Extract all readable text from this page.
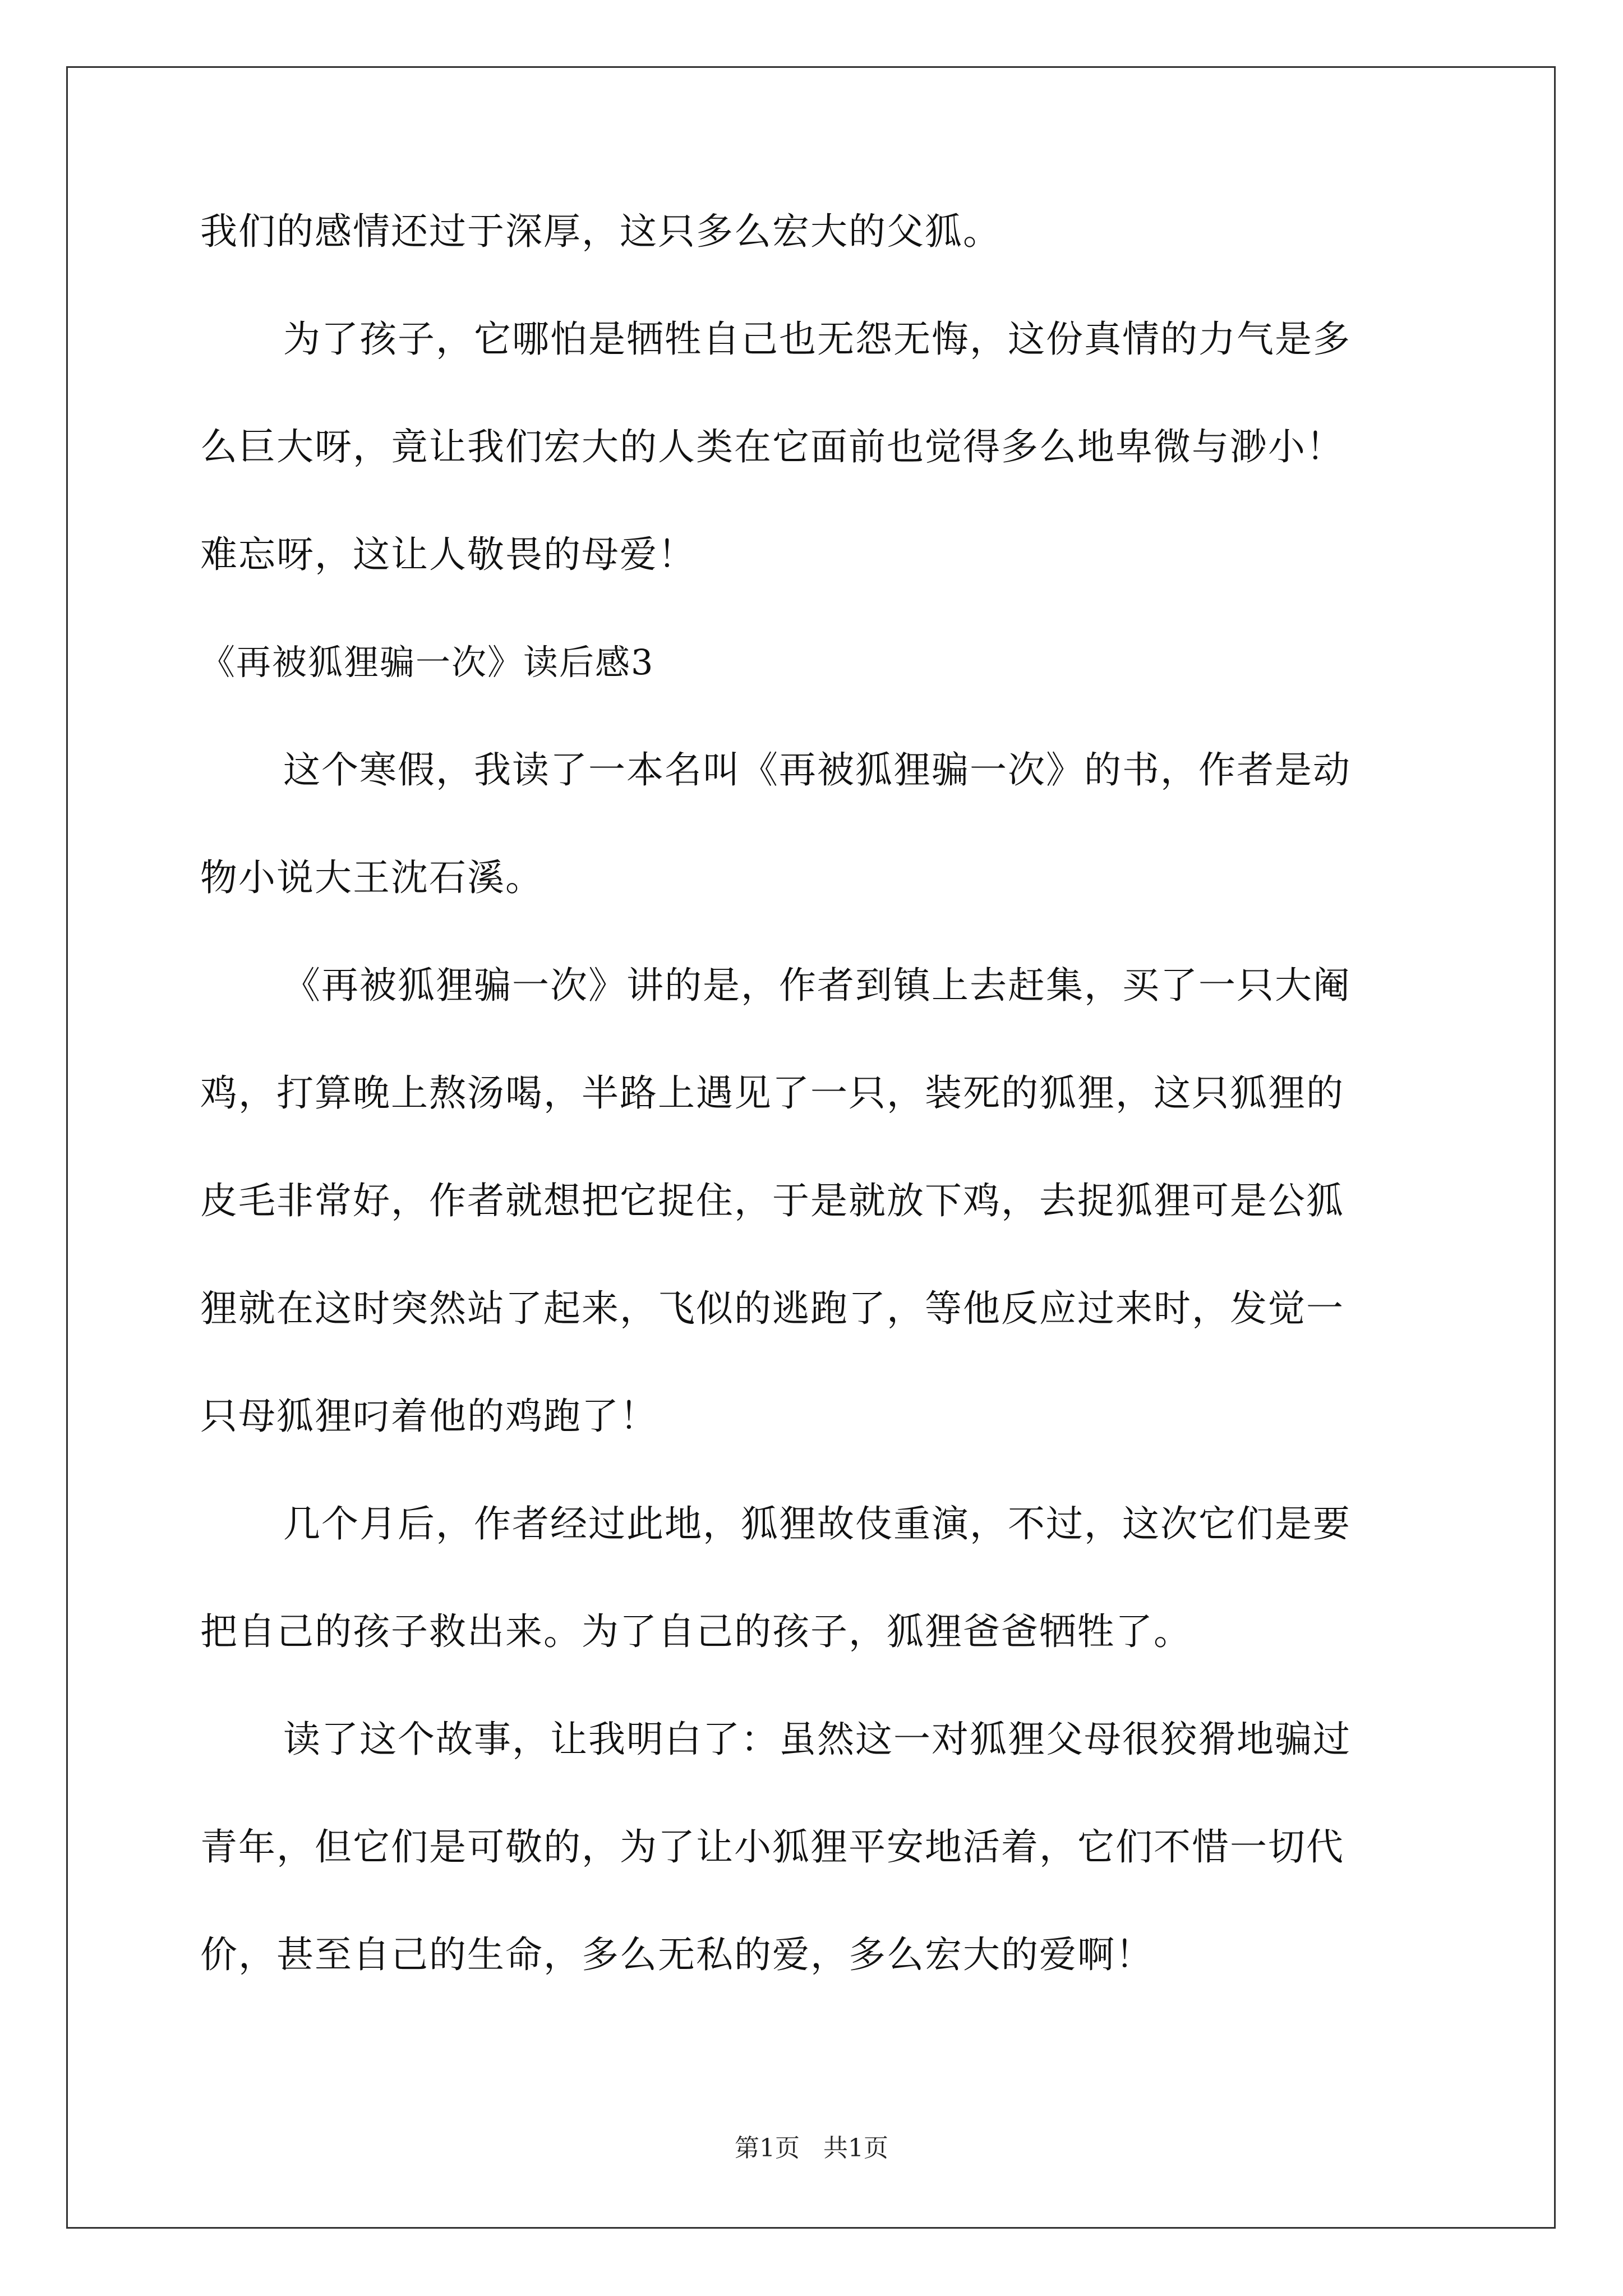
我们的感情还过于深厚，这只多么宏大的父狐。
为了孩子，它哪怕是牺牲自己也无怨无悔，这份真情的力气是多
么巨大呀，竟让我们宏大的人类在它面前也觉得多么地卑微与渺小！
难忘呀，这让人敬畏的母爱！
《再被狐狸骗一次》读后感3
这个寒假，我读了一本名叫《再被狐狸骗一次》的书，作者是动
物小说大王沈石溪。
《再被狐狸骗一次》讲的是，作者到镇上去赶集，买了一只大阉
鸡，打算晚上熬汤喝，半路上遇见了一只，装死的狐狸，这只狐狸的
皮毛非常好，作者就想把它捉住，于是就放下鸡，去捉狐狸可是公狐
狸就在这时突然站了起来，飞似的逃跑了，等他反应过来时，发觉一
只母狐狸叼着他的鸡跑了！
几个月后，作者经过此地，狐狸故伎重演，不过，这次它们是要
把自己的孩子救出来。为了自己的孩子，狐狸爸爸牺牲了。
读了这个故事，让我明白了：虽然这一对狐狸父母很狡猾地骗过
青年，但它们是可敬的，为了让小狐狸平安地活着，它们不惜一切代
价，甚至自己的生命，多么无私的爱，多么宏大的爱啊！
第1页   共1页
